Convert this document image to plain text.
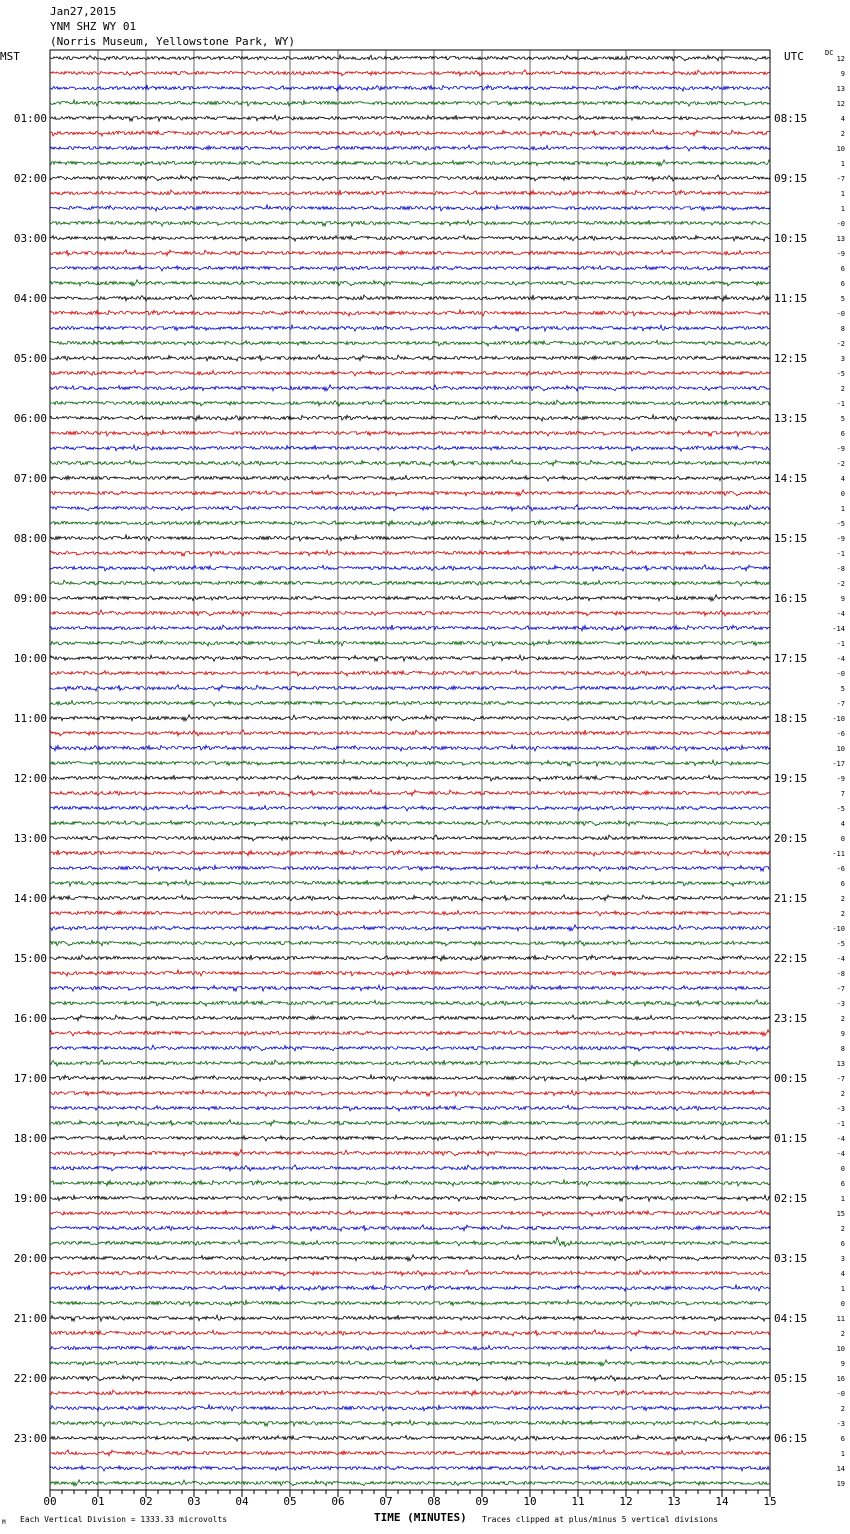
Jan27,2015
YNM SHZ WY 01
(Norris Museum, Yellowstone Park, WY)
MST	UTC	DC
01:00
02:00
03:00
04:00
05:00
06:00
07:00
08:00
09:00
10:00
11:00
12:00
13:00
14:00
15:00
16:00
17:00
18:00
19:00
20:00
21:00
22:00
23:00
08:15
09:15
10:15
11:15
12:15
13:15
14:15
15:15
16:15
17:15
18:15
19:15
20:15
21:15
22:15
23:15
00:15
01:15
02:15
03:15
04:15
05:15
06:15
12
9
13
12
4
2
10
1
-7
1
1
-0
13
-9
6
6
5
-0
8
-2
3
-5
2
-1
5
6
-9
-2
4
0
1
-5
-9
-1
-8
-2
9
-4
-14
-1
-4
-0
5
-7
-10
-6
10
-17
-9
7
-5
4
0
-11
-6
6
2
2
-10
-5
-4
-8
-7
-3
2
9
8
13
-7
2
-3
-1
-4
-4
0
6
1
15
2
6
3
4
1
0
11
2
10
9
16
-0
2
-3
6
1
14
19
00	01	02	03	04	05	06	07	08	09	10	11	12	13	14	15
TIME (MINUTES)
Each Vertical Division = 1333.33 microvolts	Traces clipped at plus/minus 5 vertical divisions
M
